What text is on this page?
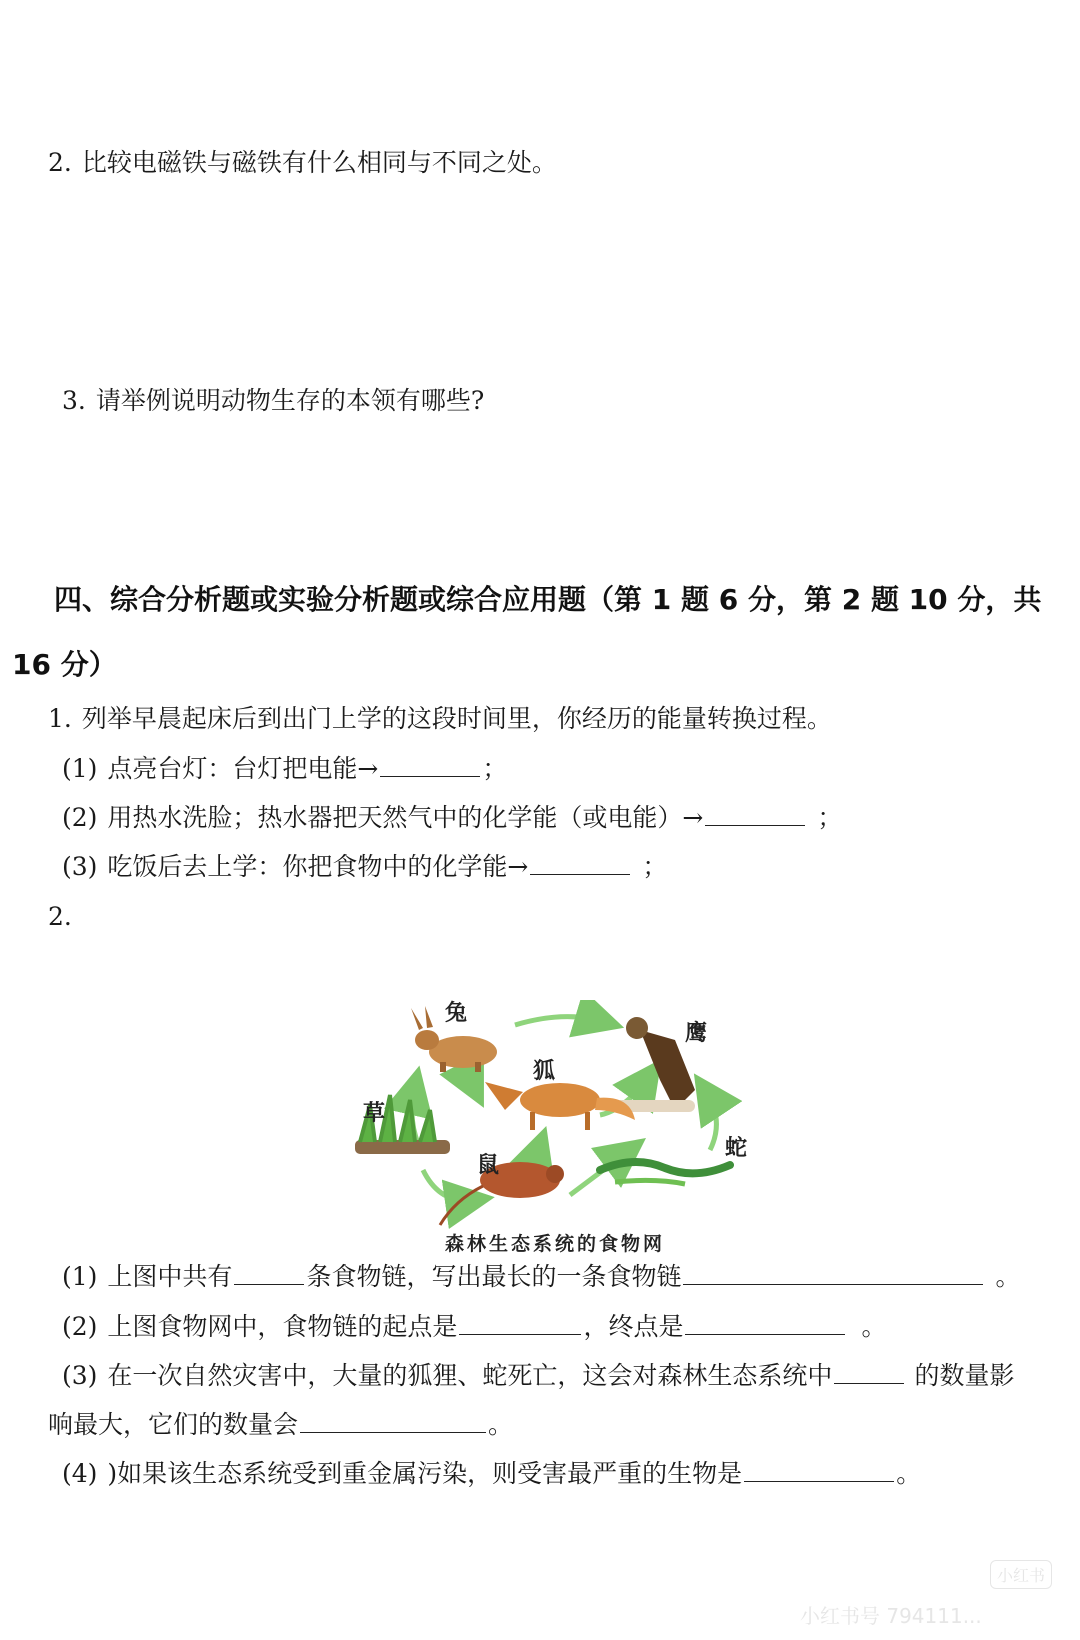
2. 比较电磁铁与磁铁有什么相同与不同之处。
3. 请举例说明动物生存的本领有哪些?
四、综合分析题或实验分析题或综合应用题（第 1 题 6 分，第 2 题 10 分，共
16 分）
1. 列举早晨起床后到出门上学的这段时间里，你经历的能量转换过程。
(1) 点亮台灯：台灯把电能→	；
(2) 用热水洗脸；热水器把天然气中的化学能（或电能）→	；
(3) 吃饭后去上学：你把食物中的化学能→	；
2.
兔
鹰
狐
草
鼠
蛇
森林生态系统的食物网
(1) 上图中共有	条食物链，写出最长的一条食物链	。
(2) 上图食物网中，食物链的起点是	，终点是	。
(3) 在一次自然灾害中，大量的狐狸、蛇死亡，这会对森林生态系统中	的数量影
响最大，它们的数量会	。
(4) )如果该生态系统受到重金属污染，则受害最严重的生物是	。
小红书
小红书号 794111...
